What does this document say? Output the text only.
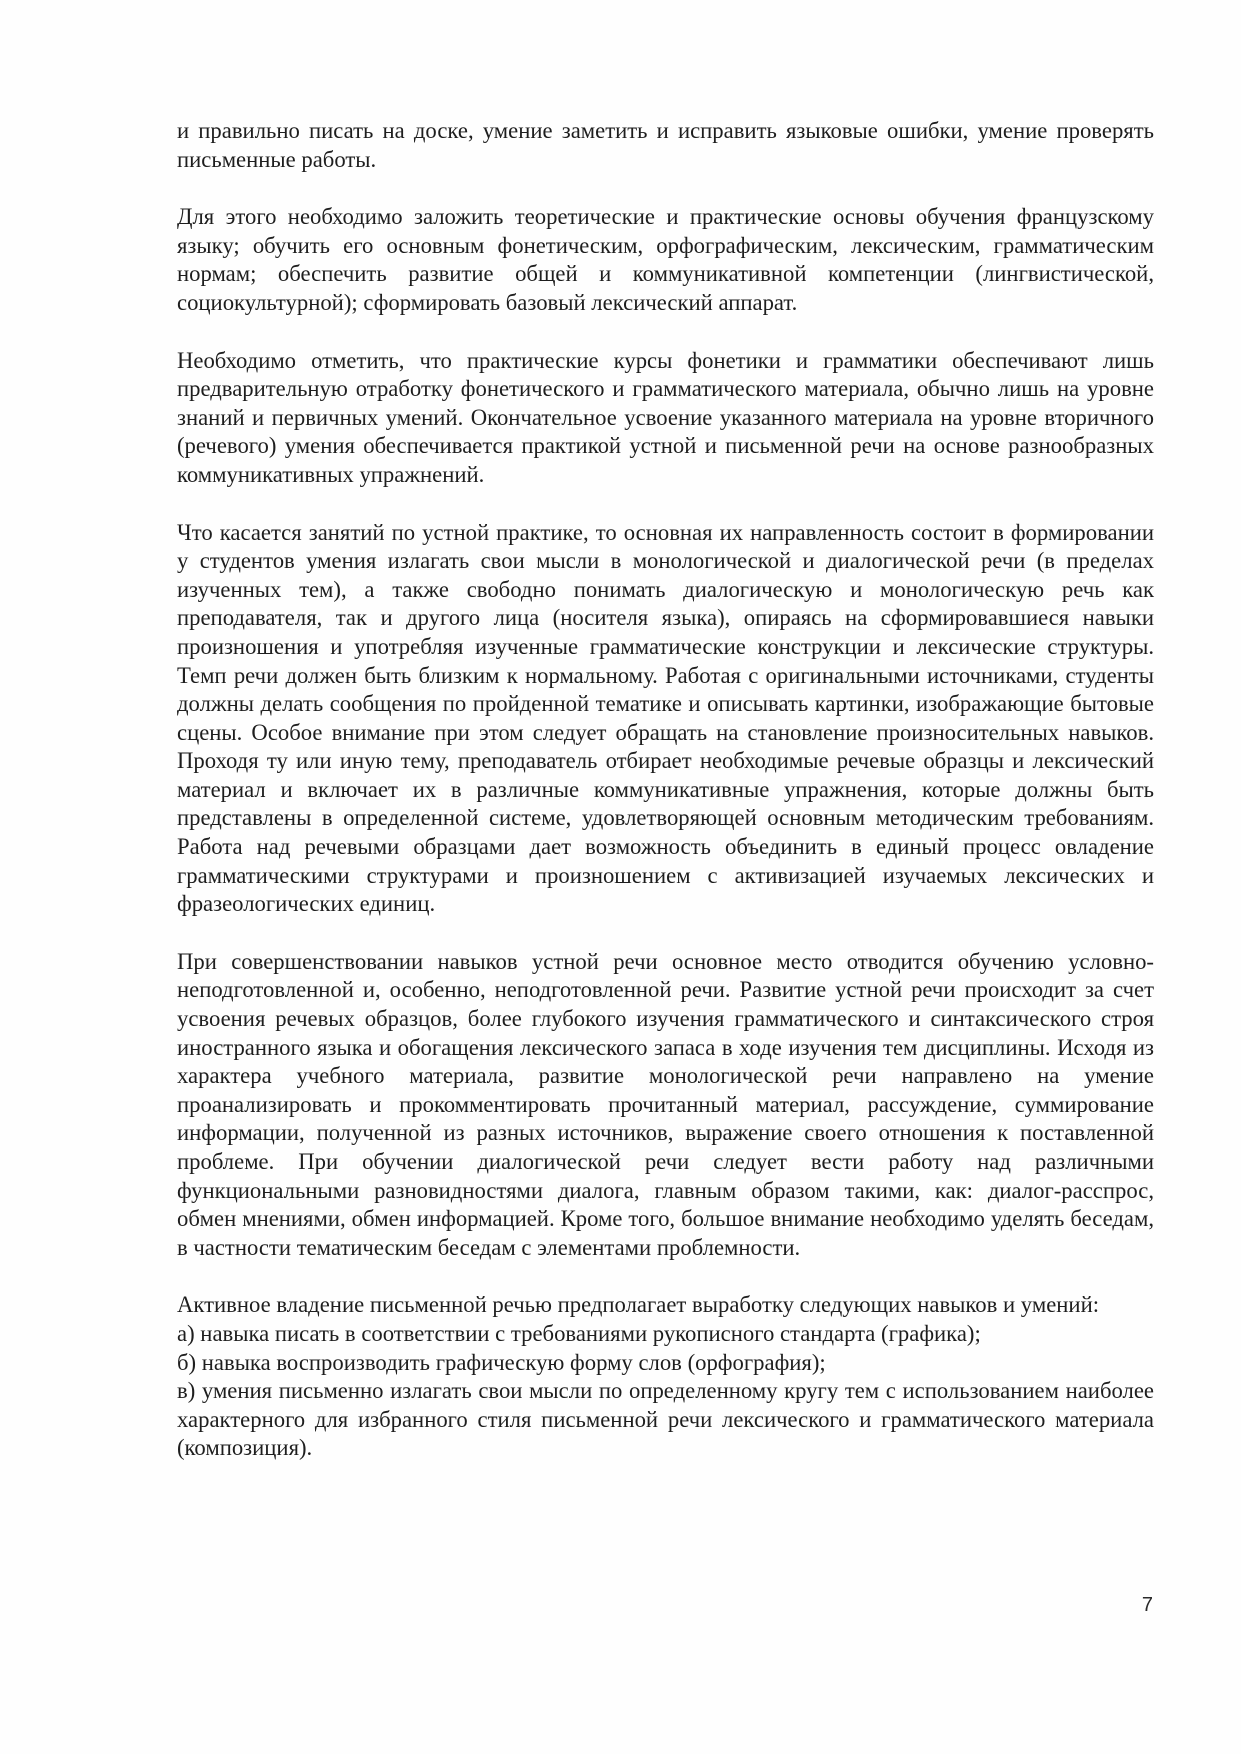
и правильно писать на доске, умение заметить и исправить языковые ошибки, умение проверять письменные работы.

Для этого необходимо заложить теоретические и практические основы обучения французскому языку; обучить его основным фонетическим, орфографическим, лексическим, грамматическим нормам; обеспечить развитие общей и коммуникативной компетенции (лингвистической, социокультурной); сформировать базовый лексический аппарат.

Необходимо отметить, что практические курсы фонетики и грамматики обеспечивают лишь предварительную отработку фонетического и грамматического материала, обычно лишь на уровне знаний и первичных умений. Окончательное усвоение указанного материала на уровне вторичного (речевого) умения обеспечивается практикой устной и письменной речи на основе разнообразных коммуникативных упражнений.

Что касается занятий по устной практике, то основная их направленность состоит в формировании у студентов умения излагать свои мысли в монологической и диалогической речи (в пределах изученных тем), а также свободно понимать диалогическую и монологическую речь как преподавателя, так и другого лица (носителя языка), опираясь на сформировавшиеся навыки произношения и употребляя изученные грамматические конструкции и лексические структуры. Темп речи должен быть близким к нормальному. Работая с оригинальными источниками, студенты должны делать сообщения по пройденной тематике и описывать картинки, изображающие бытовые сцены. Особое внимание при этом следует обращать на становление произносительных навыков. Проходя ту или иную тему, преподаватель отбирает необходимые речевые образцы и лексический материал и включает их в различные коммуникативные упражнения, которые должны быть представлены в определенной системе, удовлетворяющей основным методическим требованиям. Работа над речевыми образцами дает возможность объединить в единый процесс овладение грамматическими структурами и произношением с активизацией изучаемых лексических и фразеологических единиц.

При совершенствовании навыков устной речи основное место отводится обучению условно-неподготовленной и, особенно, неподготовленной речи. Развитие устной речи происходит за счет усвоения речевых образцов, более глубокого изучения грамматического и синтаксического строя иностранного языка и обогащения лексического запаса в ходе изучения тем дисциплины. Исходя из характера учебного материала, развитие монологической речи направлено на умение проанализировать и прокомментировать прочитанный материал, рассуждение, суммирование информации, полученной из разных источников, выражение своего отношения к поставленной проблеме. При обучении диалогической речи следует вести работу над различными функциональными разновидностями диалога, главным образом такими, как: диалог-расспрос, обмен мнениями, обмен информацией. Кроме того, большое внимание необходимо уделять беседам, в частности тематическим беседам с элементами проблемности.

Активное владение письменной речью предполагает выработку следующих навыков и умений:

а) навыка писать в соответствии с требованиями рукописного стандарта (графика);

б) навыка воспроизводить графическую форму слов (орфография);

в) умения письменно излагать свои мысли по определенному кругу тем с использованием наиболее характерного для избранного стиля письменной речи лексического и грамматического материала (композиция).

7
